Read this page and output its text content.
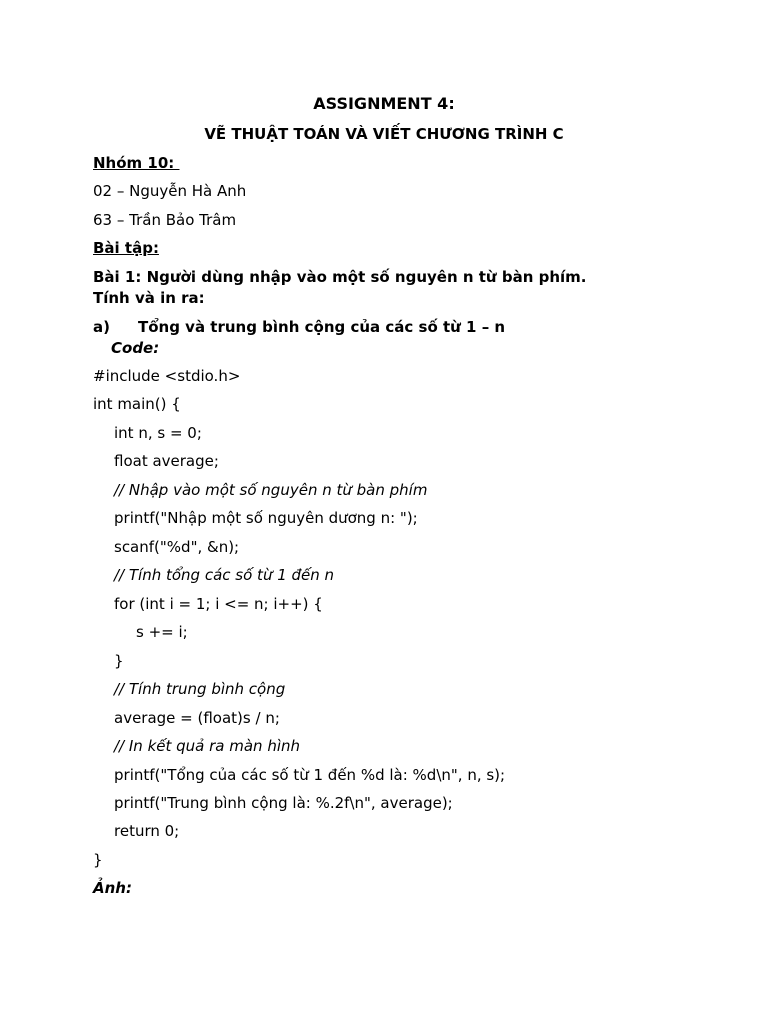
ASSIGNMENT 4:
VẼ THUẬT TOÁN VÀ VIẾT CHƯƠNG TRÌNH C
Nhóm 10:
02 – Nguyễn Hà Anh
63 – Trần Bảo Trâm
Bài tập:
Bài 1: Người dùng nhập vào một số nguyên n từ bàn phím.
Tính và in ra:
a) Tổng và trung bình cộng của các số từ 1 – n
Code:
#include <stdio.h>
int main() {
int n, s = 0;
float average;
// Nhập vào một số nguyên n từ bàn phím
printf("Nhập một số nguyên dương n: ");
scanf("%d", &n);
// Tính tổng các số từ 1 đến n
for (int i = 1; i <= n; i++) {
s += i;
}
// Tính trung bình cộng
average = (float)s / n;
// In kết quả ra màn hình
printf("Tổng của các số từ 1 đến %d là: %d\n", n, s);
printf("Trung bình cộng là: %.2f\n", average);
return 0;
}
Ảnh:
